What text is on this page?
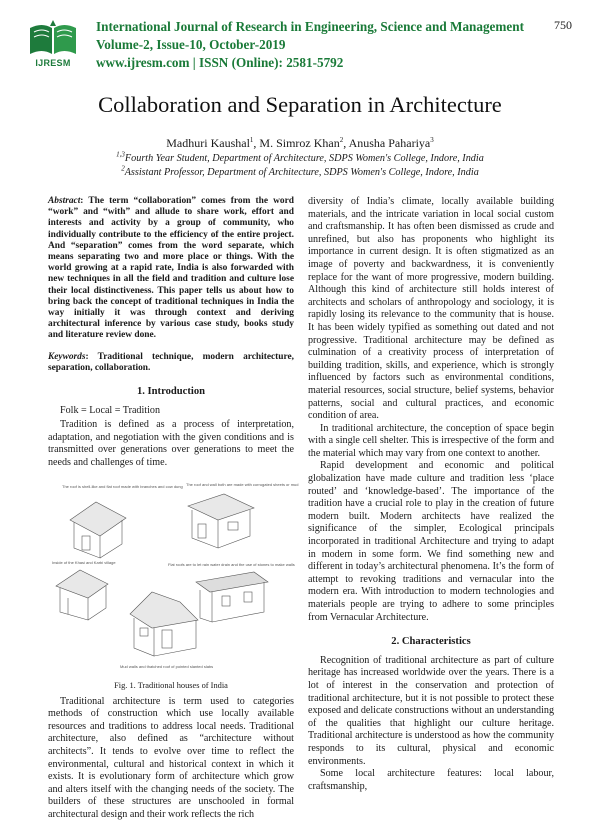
IJRESM
International Journal of Research in Engineering, Science and Management
Volume-2, Issue-10, October-2019
www.ijresm.com | ISSN (Online): 2581-5792
750
Collaboration and Separation in Architecture
Madhuri Kaushal$^1$, M. Simroz Khan$^2$, Anusha Pahariya$^3$
$^{1,3}$Fourth Year Student, Department of Architecture, SDPS Women's College, Indore, India
$^2$Assistant Professor, Department of Architecture, SDPS Women's College, Indore, India
Abstract: The term “collaboration” comes from the word “work” and “with” and allude to share work, effort and interests and activity by a group of community, who individually contribute to the efficiency of the entire project. And “separation” comes from the word separate, which means separating two and more place or things. With the world growing at a rapid rate, India is also forwarded with new techniques in all the field and tradition and culture lose their local distinctiveness. This paper tells us about how to bring back the concept of traditional techniques in India the way initially it was through context and deriving architectural inference by various case study, books study and literature review done.
Keywords: Traditional technique, modern architecture, separation, collaboration.
1. Introduction
Folk = Local = Tradition

Tradition is defined as a process of interpretation, adaptation, and negotiation with the given conditions and is transmitted over generations over generations to meet the needs and challenges of time.

The roof is shell-like and flat roof made with branches and cow dung The roof and wall both are made with corrugated sheets or mud
Inside of the Khasi and Karbi village	Flat roofs are to let rain water drain and the use of stones to make walls
Mud walls and thatched roof of pointed slanted slabs
Fig. 1. Traditional houses of India

Traditional architecture is term used to categories methods of construction which use locally available resources and traditions to address local needs. Traditional architecture, also defined as “architecture without architects”. It tends to evolve over time to reflect the environmental, cultural and historical context in which it exists. It is evolutionary form of architecture which grow and alters itself with the changing needs of the society. The builders of these structures are unschooled in formal architectural design and their work reflects the rich

diversity of India’s climate, locally available building materials, and the intricate variation in local social custom and craftsmanship. It has often been dismissed as crude and unrefined, but also has proponents who highlight its importance in current design. It is often stigmatized as an image of poverty and backwardness, it is conveniently replace for the want of more progressive, modern building. Although this kind of architecture still holds interest of architects and scholars of anthropology and sociology, it is rapidly losing its relevance to the community that is house. It has been widely typified as something out dated and not progressive. Traditional architecture may be defined as culmination of a creativity process of interpretation of building tradition, skills, and experience, which is strongly influenced by factors such as environmental conditions, material resources, social structure, belief systems, behavior patterns, social and cultural practices, and economic condition of area.

In traditional architecture, the conception of space begin with a single cell shelter. This is irrespective of the form and the material which may vary from one context to another.

Rapid development and economic and political globalization have made culture and tradition less ‘place routed’ and ‘knowledge-based’. The importance of the tradition have a crucial role to play in the creation of future modern built. Modern architects have realized the significance of the simpler, Ecological principals incorporated in traditional Architecture and trying to adapt in modern in some form. We find something new and different in today’s architectural phenomena. It’s the form of attempt to revoking traditions and vernacular into the modern era. With introduction to modern technologies and materials people are trying to adhere to some principles from Vernacular Architecture.

2. Characteristics

Recognition of traditional architecture as part of culture heritage has increased worldwide over the years. There is a lot of interest in the conservation and protection of traditional architecture, but it is not possible to protect these exposed and delicate constructions without an understanding of the qualities that highlight our culture heritage. Traditional architecture is understood as how the community responds to its cultural, physical and economic environments.

Some local architecture features: local labour, craftsmanship,
